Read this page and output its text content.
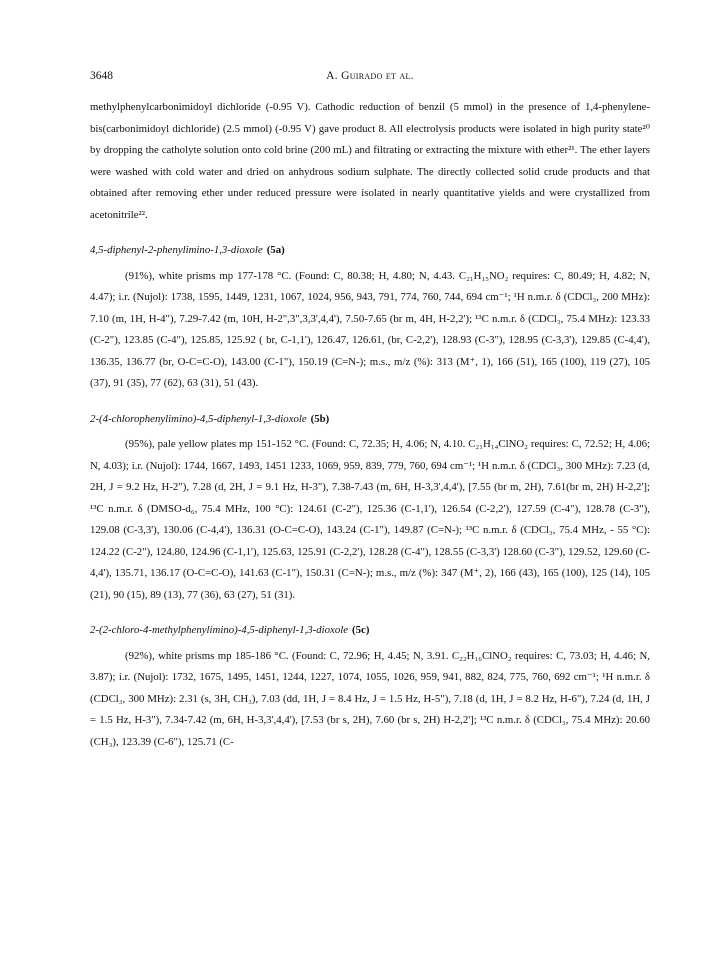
3648	A. Guirado et al.

methylphenylcarbonimidoyl dichloride (-0.95 V). Cathodic reduction of benzil (5 mmol) in the presence of 1,4-phenylene-bis(carbonimidoyl dichloride) (2.5 mmol) (-0.95 V) gave product 8. All electrolysis products were isolated in high purity state²⁰ by dropping the catholyte solution onto cold brine (200 mL) and filtrating or extracting the mixture with ether²¹. The ether layers were washed with cold water and dried on anhydrous sodium sulphate. The directly collected solid crude products and that obtained after removing ether under reduced pressure were isolated in nearly quantitative yields and were crystallized from acetonitrile²².

4,5-diphenyl-2-phenylimino-1,3-dioxole (5a)

(91%), white prisms mp 177-178 °C. (Found: C, 80.38; H, 4.80; N, 4.43. C₂₁H₁₅NO₂ requires: C, 80.49; H, 4.82; N, 4.47); i.r. (Nujol): 1738, 1595, 1449, 1231, 1067, 1024, 956, 943, 791, 774, 760, 744, 694 cm⁻¹; ¹H n.m.r. δ (CDCl₃, 200 MHz): 7.10 (m, 1H, H-4"), 7.29-7.42 (m, 10H, H-2",3",3,3',4,4'), 7.50-7.65 (br m, 4H, H-2,2'); ¹³C n.m.r. δ (CDCl₃, 75.4 MHz): 123.33 (C-2"), 123.85 (C-4"), 125.85, 125.92 ( br, C-1,1'), 126.47, 126.61, (br, C-2,2'), 128.93 (C-3"), 128.95 (C-3,3'), 129.85 (C-4,4'), 136.35, 136.77 (br, O-C=C-O), 143.00 (C-1"), 150.19 (C=N-); m.s., m/z (%): 313 (M⁺, 1), 166 (51), 165 (100), 119 (27), 105 (37), 91 (35), 77 (62), 63 (31), 51 (43).

2-(4-chlorophenylimino)-4,5-diphenyl-1,3-dioxole (5b)

(95%), pale yellow plates mp 151-152 °C. (Found: C, 72.35; H, 4.06; N, 4.10. C₂₁H₁₄ClNO₂ requires: C, 72.52; H, 4.06; N, 4.03); i.r. (Nujol): 1744, 1667, 1493, 1451 1233, 1069, 959, 839, 779, 760, 694 cm⁻¹; ¹H n.m.r. δ (CDCl₃, 300 MHz): 7.23 (d, 2H, J = 9.2 Hz, H-2"), 7.28 (d, 2H, J = 9.1 Hz, H-3"), 7.38-7.43 (m, 6H, H-3,3',4,4'), [7.55 (br m, 2H), 7.61(br m, 2H) H-2,2']; ¹³C n.m.r. δ (DMSO-d₆, 75.4 MHz, 100 °C): 124.61 (C-2"), 125.36 (C-1,1'), 126.54 (C-2,2'), 127.59 (C-4"), 128.78 (C-3"), 129.08 (C-3,3'), 130.06 (C-4,4'), 136.31 (O-C=C-O), 143.24 (C-1"), 149.87 (C=N-); ¹³C n.m.r. δ (CDCl₃, 75.4 MHz, - 55 °C): 124.22 (C-2"), 124.80, 124.96 (C-1,1'), 125.63, 125.91 (C-2,2'), 128.28 (C-4"), 128.55 (C-3,3') 128.60 (C-3"), 129.52, 129.60 (C-4,4'), 135.71, 136.17 (O-C=C-O), 141.63 (C-1"), 150.31 (C=N-); m.s., m/z (%): 347 (M⁺, 2), 166 (43), 165 (100), 125 (14), 105 (21), 90 (15), 89 (13), 77 (36), 63 (27), 51 (31).

2-(2-chloro-4-methylphenylimino)-4,5-diphenyl-1,3-dioxole (5c)

(92%), white prisms mp 185-186 °C. (Found: C, 72.96; H, 4.45; N, 3.91. C₂₂H₁₆ClNO₂ requires: C, 73.03; H, 4.46; N, 3.87); i.r. (Nujol): 1732, 1675, 1495, 1451, 1244, 1227, 1074, 1055, 1026, 959, 941, 882, 824, 775, 760, 692 cm⁻¹; ¹H n.m.r. δ (CDCl₃, 300 MHz): 2.31 (s, 3H, CH₃), 7.03 (dd, 1H, J = 8.4 Hz, J = 1.5 Hz, H-5"), 7.18 (d, 1H, J = 8.2 Hz, H-6"), 7.24 (d, 1H, J = 1.5 Hz, H-3"), 7.34-7.42 (m, 6H, H-3,3',4,4'), [7.53 (br s, 2H), 7.60 (br s, 2H) H-2,2']; ¹³C n.m.r. δ (CDCl₃, 75.4 MHz): 20.60 (CH₃), 123.39 (C-6"), 125.71 (C-
